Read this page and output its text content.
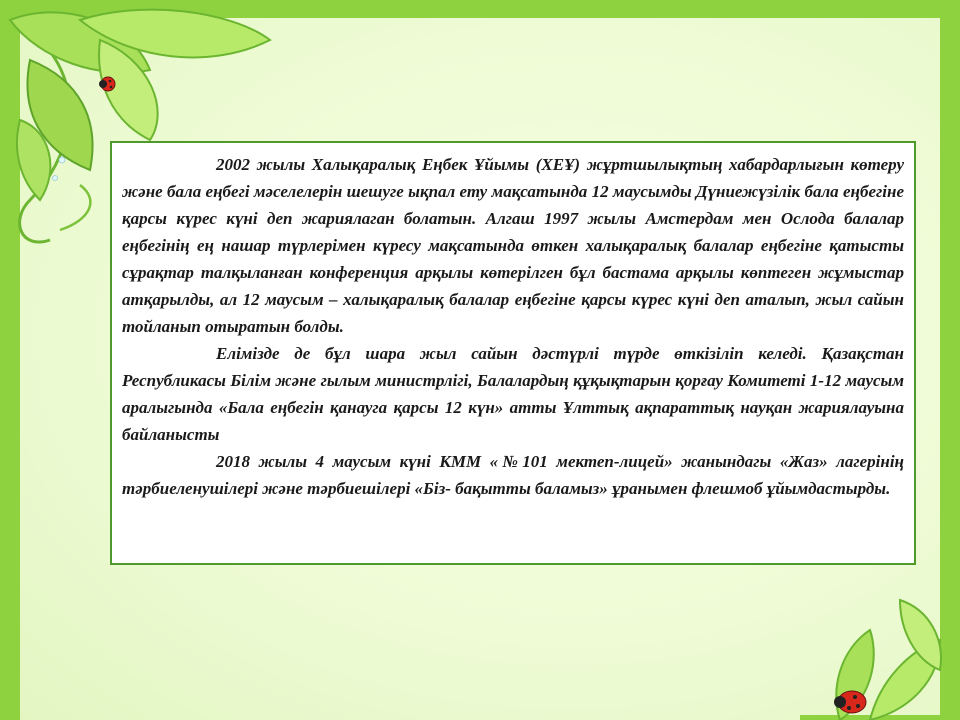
2002 жылы Халықаралық Еңбек Ұйымы (ХЕҰ) жұртшылықтың хабардарлығын көтеру және бала еңбегі мәселелерін шешуге ықпал ету мақсатында 12 маусымды Дүниежүзілік бала еңбегіне қарсы күрес күні деп жариялаган болатын. Алгаш 1997 жылы Амстердам мен Ослода балалар еңбегінің ең нашар түрлерімен күресу мақсатында өткен халықаралық балалар еңбегіне қатысты сұрақтар талқыланған конференция арқылы көтерілген бұл бастама арқылы көптеген жұмыстар атқарылды, ал 12 маусым – халықаралық балалар еңбегіне қарсы күрес күні деп аталып, жыл сайын тойланып отыратын болды.

Елімізде де бұл шара жыл сайын дәстүрлі түрде өткізіліп келеді. Қазақстан Республикасы Білім және гылым министрлігі, Балалардың құқықтарын қорғау Комитеті 1-12 маусым аралыгында «Бала еңбегін қанауга қарсы 12 күн» атты Ұлттық ақпараттық науқан жариялауына байланысты

2018 жылы 4 маусым күні КММ «№101 мектеп-лицей» жанындагы «Жаз» лагерінің тәрбиеленушілері және тәрбиешілері «Біз- бақытты баламыз» ұранымен флешмоб ұйымдастырды.
